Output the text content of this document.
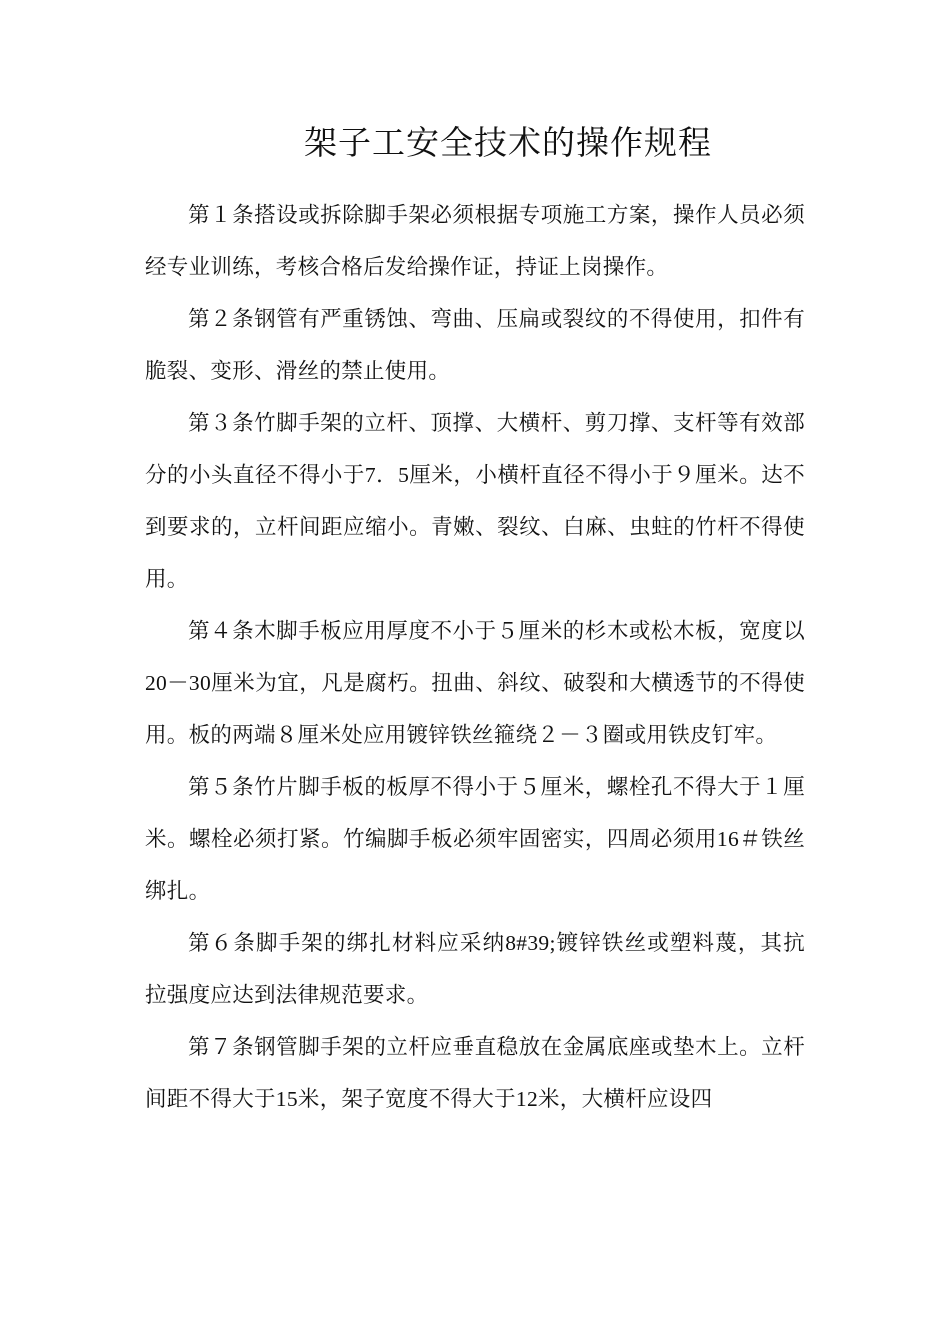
架子工安全技术的操作规程

第１条搭设或拆除脚手架必须根据专项施工方案，操作人员必须经专业训练，考核合格后发给操作证，持证上岗操作。

第２条钢管有严重锈蚀、弯曲、压扁或裂纹的不得使用，扣件有脆裂、变形、滑丝的禁止使用。

第３条竹脚手架的立杆、顶撑、大横杆、剪刀撑、支杆等有效部分的小头直径不得小于7．5厘米，小横杆直径不得小于９厘米。达不到要求的，立杆间距应缩小。青嫩、裂纹、白麻、虫蛀的竹杆不得使用。

第４条木脚手板应用厚度不小于５厘米的杉木或松木板，宽度以20－30厘米为宜，凡是腐朽。扭曲、斜纹、破裂和大横透节的不得使用。板的两端８厘米处应用镀锌铁丝箍绕２－３圈或用铁皮钉牢。

第５条竹片脚手板的板厚不得小于５厘米，螺栓孔不得大于１厘米。螺栓必须打紧。竹编脚手板必须牢固密实，四周必须用16＃铁丝绑扎。

第６条脚手架的绑扎材料应采纳8#39;镀锌铁丝或塑料蔑，其抗拉强度应达到法律规范要求。

第７条钢管脚手架的立杆应垂直稳放在金属底座或垫木上。立杆间距不得大于15米，架子宽度不得大于12米，大横杆应设四
